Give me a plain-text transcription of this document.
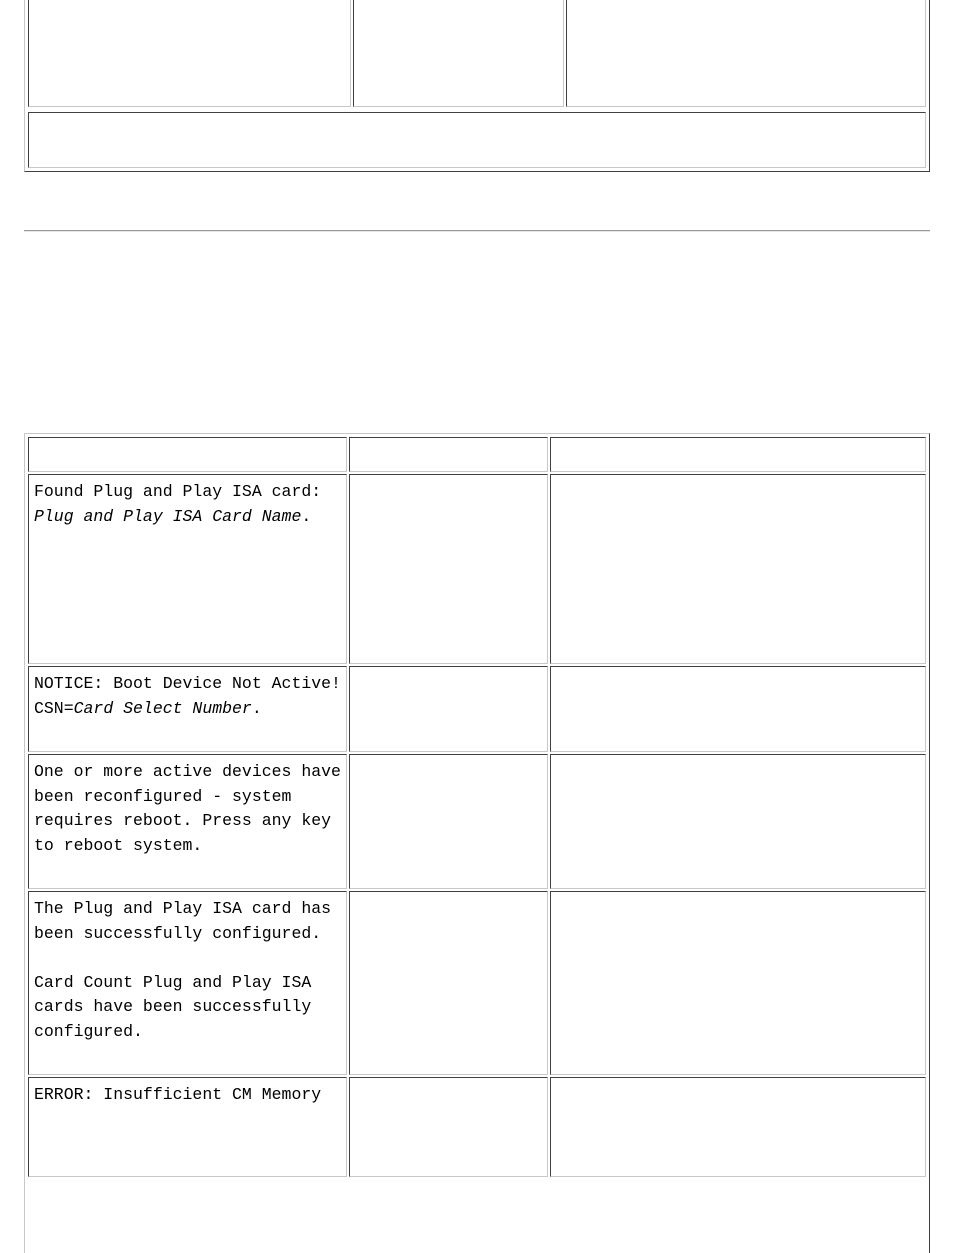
Found Plug and Play ISA card: Plug and Play ISA Card Name.

NOTICE: Boot Device Not Active! CSN=Card Select Number.

One or more active devices have been reconfigured - system requires reboot. Press any key to reboot system.

The Plug and Play ISA card has been successfully configured.

Card Count Plug and Play ISA cards have been successfully configured.

ERROR: Insufficient CM Memory
